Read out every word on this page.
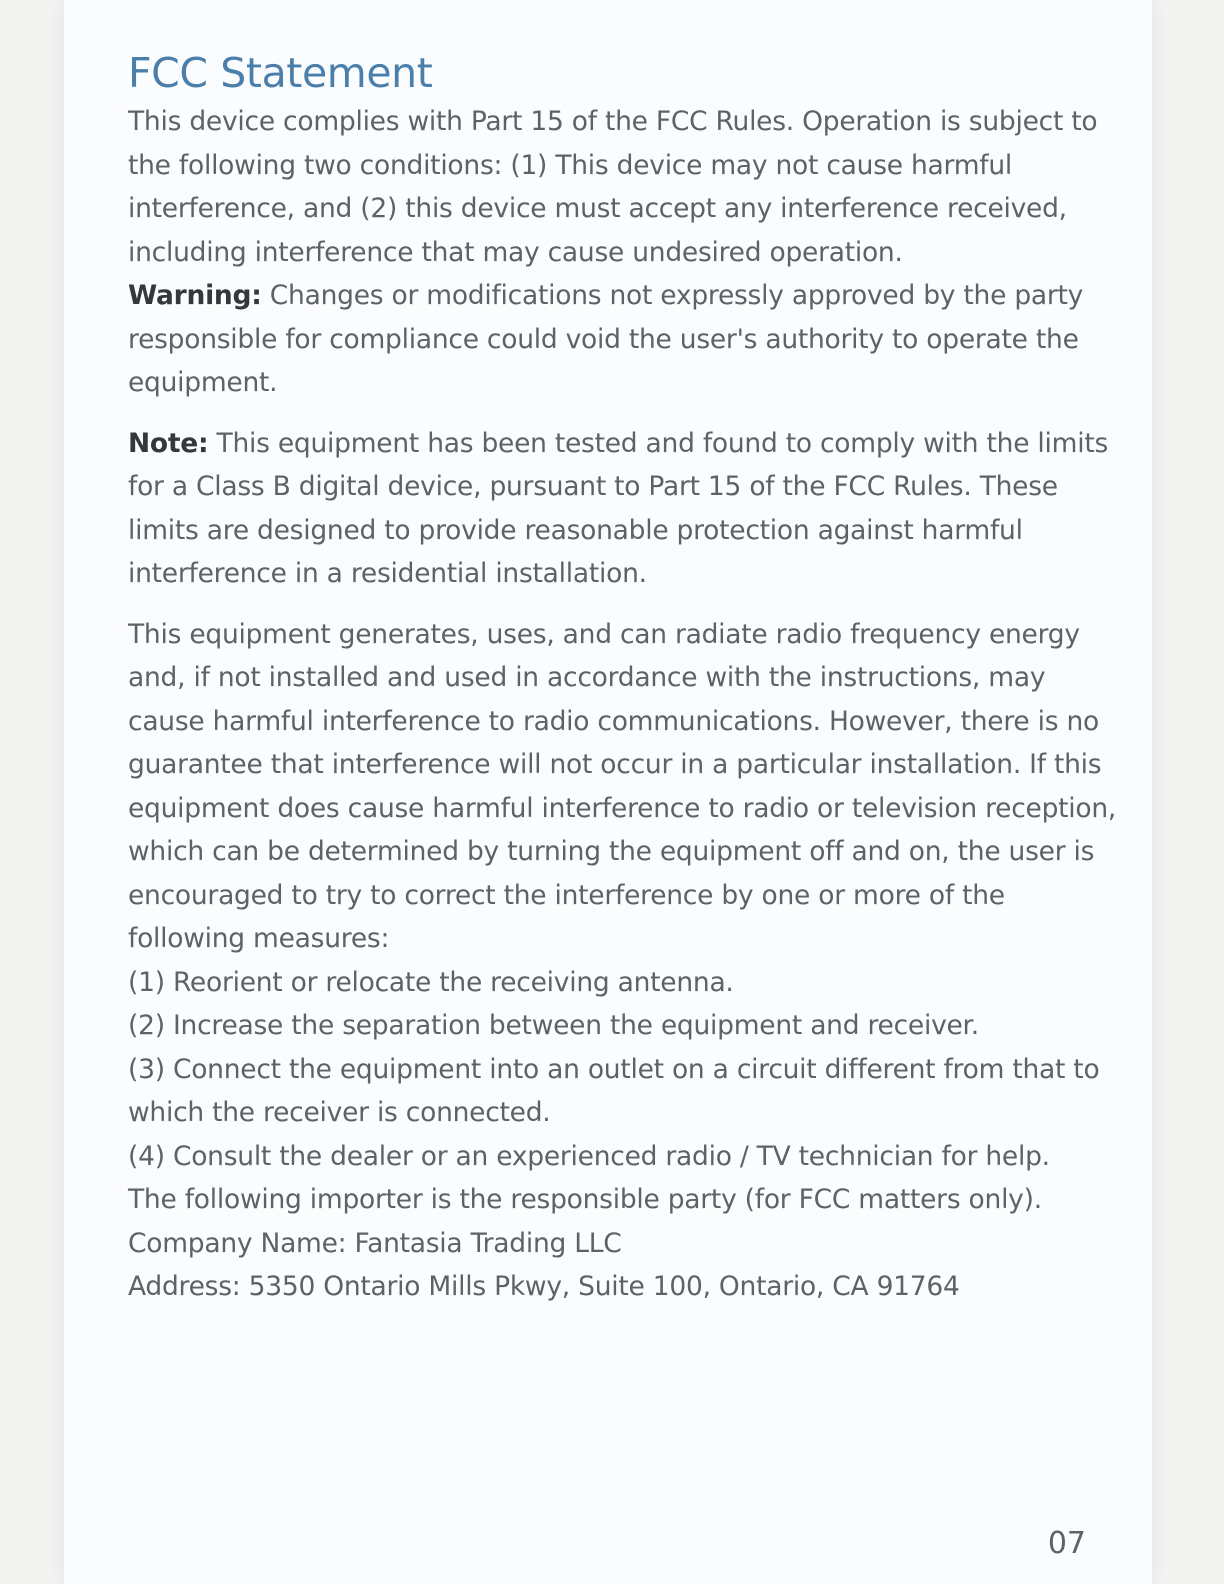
FCC Statement

This device complies with Part 15 of the FCC Rules. Operation is subject to the following two conditions: (1) This device may not cause harmful interference, and (2) this device must accept any interference received, including interference that may cause undesired operation.

Warning: Changes or modifications not expressly approved by the party responsible for compliance could void the user's authority to operate the equipment.

Note: This equipment has been tested and found to comply with the limits for a Class B digital device, pursuant to Part 15 of the FCC Rules. These limits are designed to provide reasonable protection against harmful interference in a residential installation.

This equipment generates, uses, and can radiate radio frequency energy and, if not installed and used in accordance with the instructions, may cause harmful interference to radio communications. However, there is no guarantee that interference will not occur in a particular installation. If this equipment does cause harmful interference to radio or television reception, which can be determined by turning the equipment off and on, the user is encouraged to try to correct the interference by one or more of the following measures:

(1) Reorient or relocate the receiving antenna.

(2) Increase the separation between the equipment and receiver.

(3) Connect the equipment into an outlet on a circuit different from that to which the receiver is connected.

(4) Consult the dealer or an experienced radio / TV technician for help.

The following importer is the responsible party (for FCC matters only).

Company Name: Fantasia Trading LLC

Address: 5350 Ontario Mills Pkwy, Suite 100, Ontario, CA 91764

07
